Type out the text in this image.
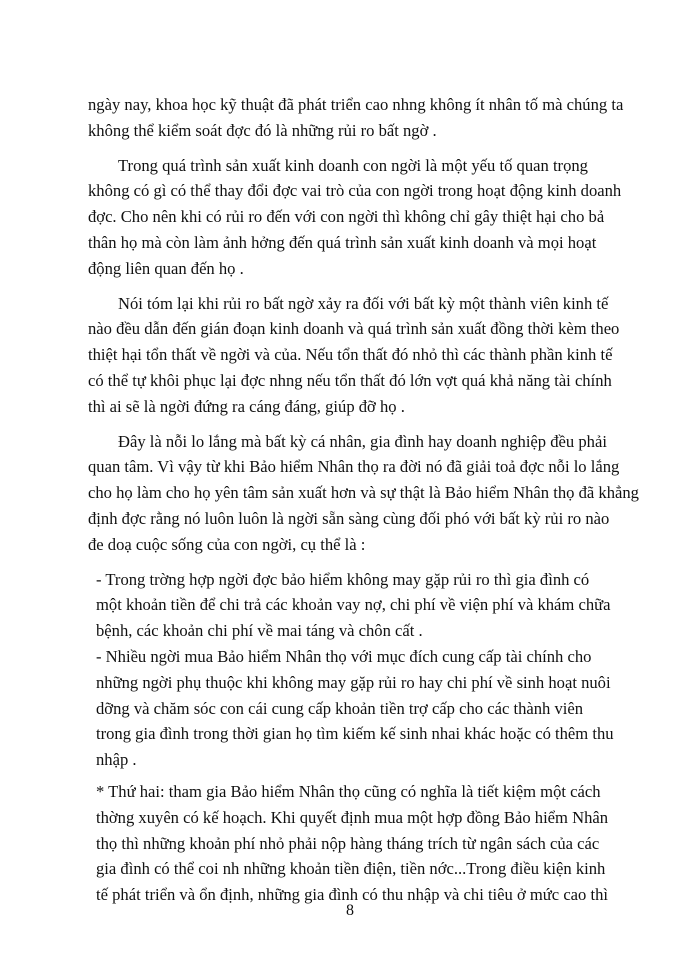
ngày nay, khoa học kỹ thuật đã phát triển cao nhng không ít nhân tố mà chúng ta
không thể kiểm soát đợc đó là những rủi ro bất ngờ .
Trong quá trình sản xuất kinh doanh con ngời là một yếu tố quan trọng
không có gì có thể thay đổi đợc vai trò của con ngời trong hoạt động kinh doanh
đợc. Cho nên khi có rủi ro đến với con ngời thì không chỉ gây thiệt hại cho bả
thân họ mà còn làm ảnh hởng đến quá trình sản xuất kinh doanh và mọi hoạt
động liên quan đến họ .
Nói tóm lại khi rủi ro bất ngờ xảy ra đối với bất kỳ một thành viên kinh tế
nào đều dẫn đến gián đoạn kinh doanh và quá trình sản xuất đồng thời kèm theo
thiệt hại tổn thất về ngời và của. Nếu tổn thất đó nhỏ thì các thành phần kinh tế
có thể tự khôi phục lại đợc nhng nếu tổn thất đó lớn vợt quá khả năng tài chính
thì ai sẽ là ngời đứng ra cáng đáng, giúp đỡ họ .
Đây là nỗi lo lắng mà bất kỳ cá nhân, gia đình hay doanh nghiệp đều phải
quan tâm. Vì vậy từ khi Bảo hiểm Nhân thọ ra đời nó đã giải toả đợc nỗi lo lắng
cho họ làm cho họ yên tâm sản xuất hơn và sự thật là Bảo hiểm Nhân thọ đã khẳng
định đợc rằng nó luôn luôn là ngời sẵn sàng cùng đối phó với bất kỳ rủi ro nào
đe doạ cuộc sống của con ngời, cụ thể là :
- Trong trờng hợp ngời đợc bảo hiểm không may gặp rủi ro thì gia đình có
một khoản tiền để chi trả các khoản vay nợ, chi phí về viện phí và khám chữa
bệnh, các khoản chi phí về mai táng và chôn cất .
- Nhiều ngời mua Bảo hiểm Nhân thọ với mục đích cung cấp tài chính cho
những ngời phụ thuộc khi không may gặp rủi ro hay chi phí về sinh hoạt nuôi
dỡng và chăm sóc con cái cung cấp khoản tiền trợ cấp cho các thành viên
trong gia đình trong thời gian họ tìm kiếm kế sinh nhai khác hoặc có thêm thu
nhập .
* Thứ hai: tham gia Bảo hiểm Nhân thọ cũng có nghĩa là tiết kiệm một cách
thờng xuyên có kế hoạch. Khi quyết định mua một hợp đồng Bảo hiểm Nhân
thọ thì những khoản phí nhỏ phải nộp hàng tháng trích từ ngân sách của các
gia đình có thể coi nh những khoản tiền điện, tiền nớc...Trong điều kiện kinh
tế phát triển và ổn định, những gia đình có thu nhập và chi tiêu ở mức cao thì
8
